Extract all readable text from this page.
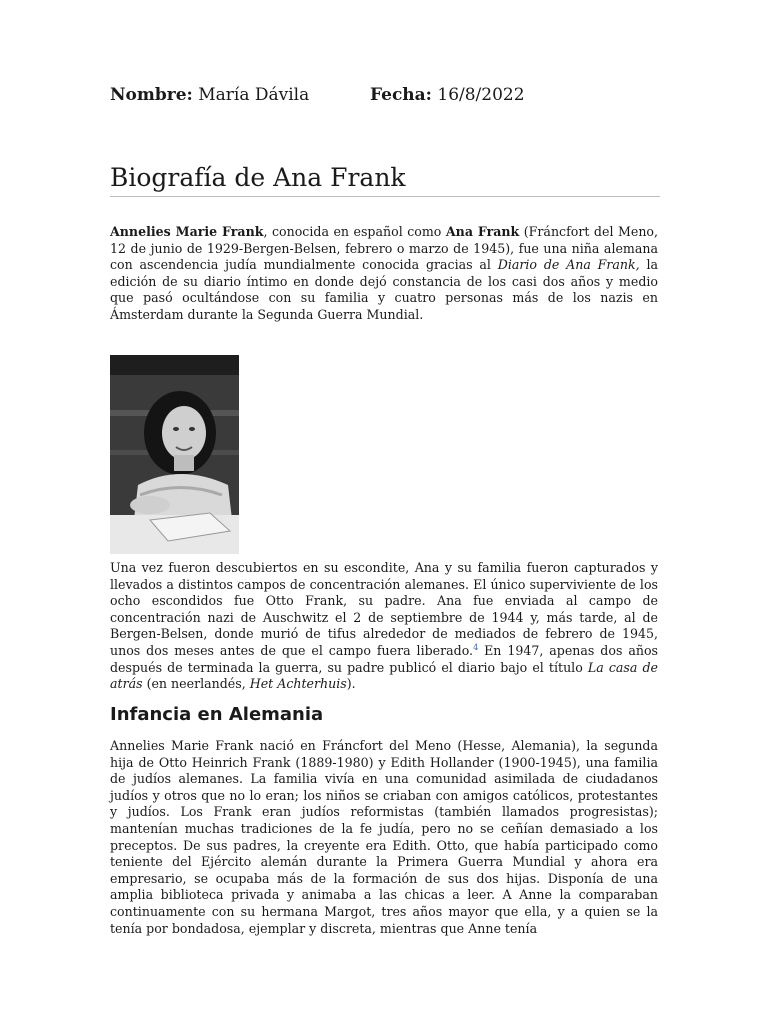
Nombre: María Dávila	Fecha: 16/8/2022
Biografía de Ana Frank

Annelies Marie Frank, conocida en español como Ana Frank (Fráncfort del Meno, 12 de junio de 1929-Bergen-Belsen, febrero o marzo de 1945), fue una niña alemana con ascendencia judía mundialmente conocida gracias al Diario de Ana Frank, la edición de su diario íntimo en donde dejó constancia de los casi dos años y medio que pasó ocultándose con su familia y cuatro personas más de los nazis en Ámsterdam durante la Segunda Guerra Mundial.

Una vez fueron descubiertos en su escondite, Ana y su familia fueron capturados y llevados a distintos campos de concentración alemanes. El único superviviente de los ocho escondidos fue Otto Frank, su padre. Ana fue enviada al campo de concentración nazi de Auschwitz el 2 de septiembre de 1944 y, más tarde, al de Bergen-Belsen, donde murió de tifus alrededor de mediados de febrero de 1945, unos dos meses antes de que el campo fuera liberado.$^4$ En 1947, apenas dos años después de terminada la guerra, su padre publicó el diario bajo el título La casa de atrás (en neerlandés, Het Achterhuis).

Infancia en Alemania

Annelies Marie Frank nació en Fráncfort del Meno (Hesse, Alemania), la segunda hija de Otto Heinrich Frank (1889-1980) y Edith Hollander (1900-1945), una familia de judíos alemanes. La familia vivía en una comunidad asimilada de ciudadanos judíos y otros que no lo eran; los niños se criaban con amigos católicos, protestantes y judíos. Los Frank eran judíos reformistas (también llamados progresistas); mantenían muchas tradiciones de la fe judía, pero no se ceñían demasiado a los preceptos. De sus padres, la creyente era Edith. Otto, que había participado como teniente del Ejército alemán durante la Primera Guerra Mundial y ahora era empresario, se ocupaba más de la formación de sus dos hijas. Disponía de una amplia biblioteca privada y animaba a las chicas a leer. A Anne la comparaban continuamente con su hermana Margot, tres años mayor que ella, y a quien se la tenía por bondadosa, ejemplar y discreta, mientras que Anne tenía
